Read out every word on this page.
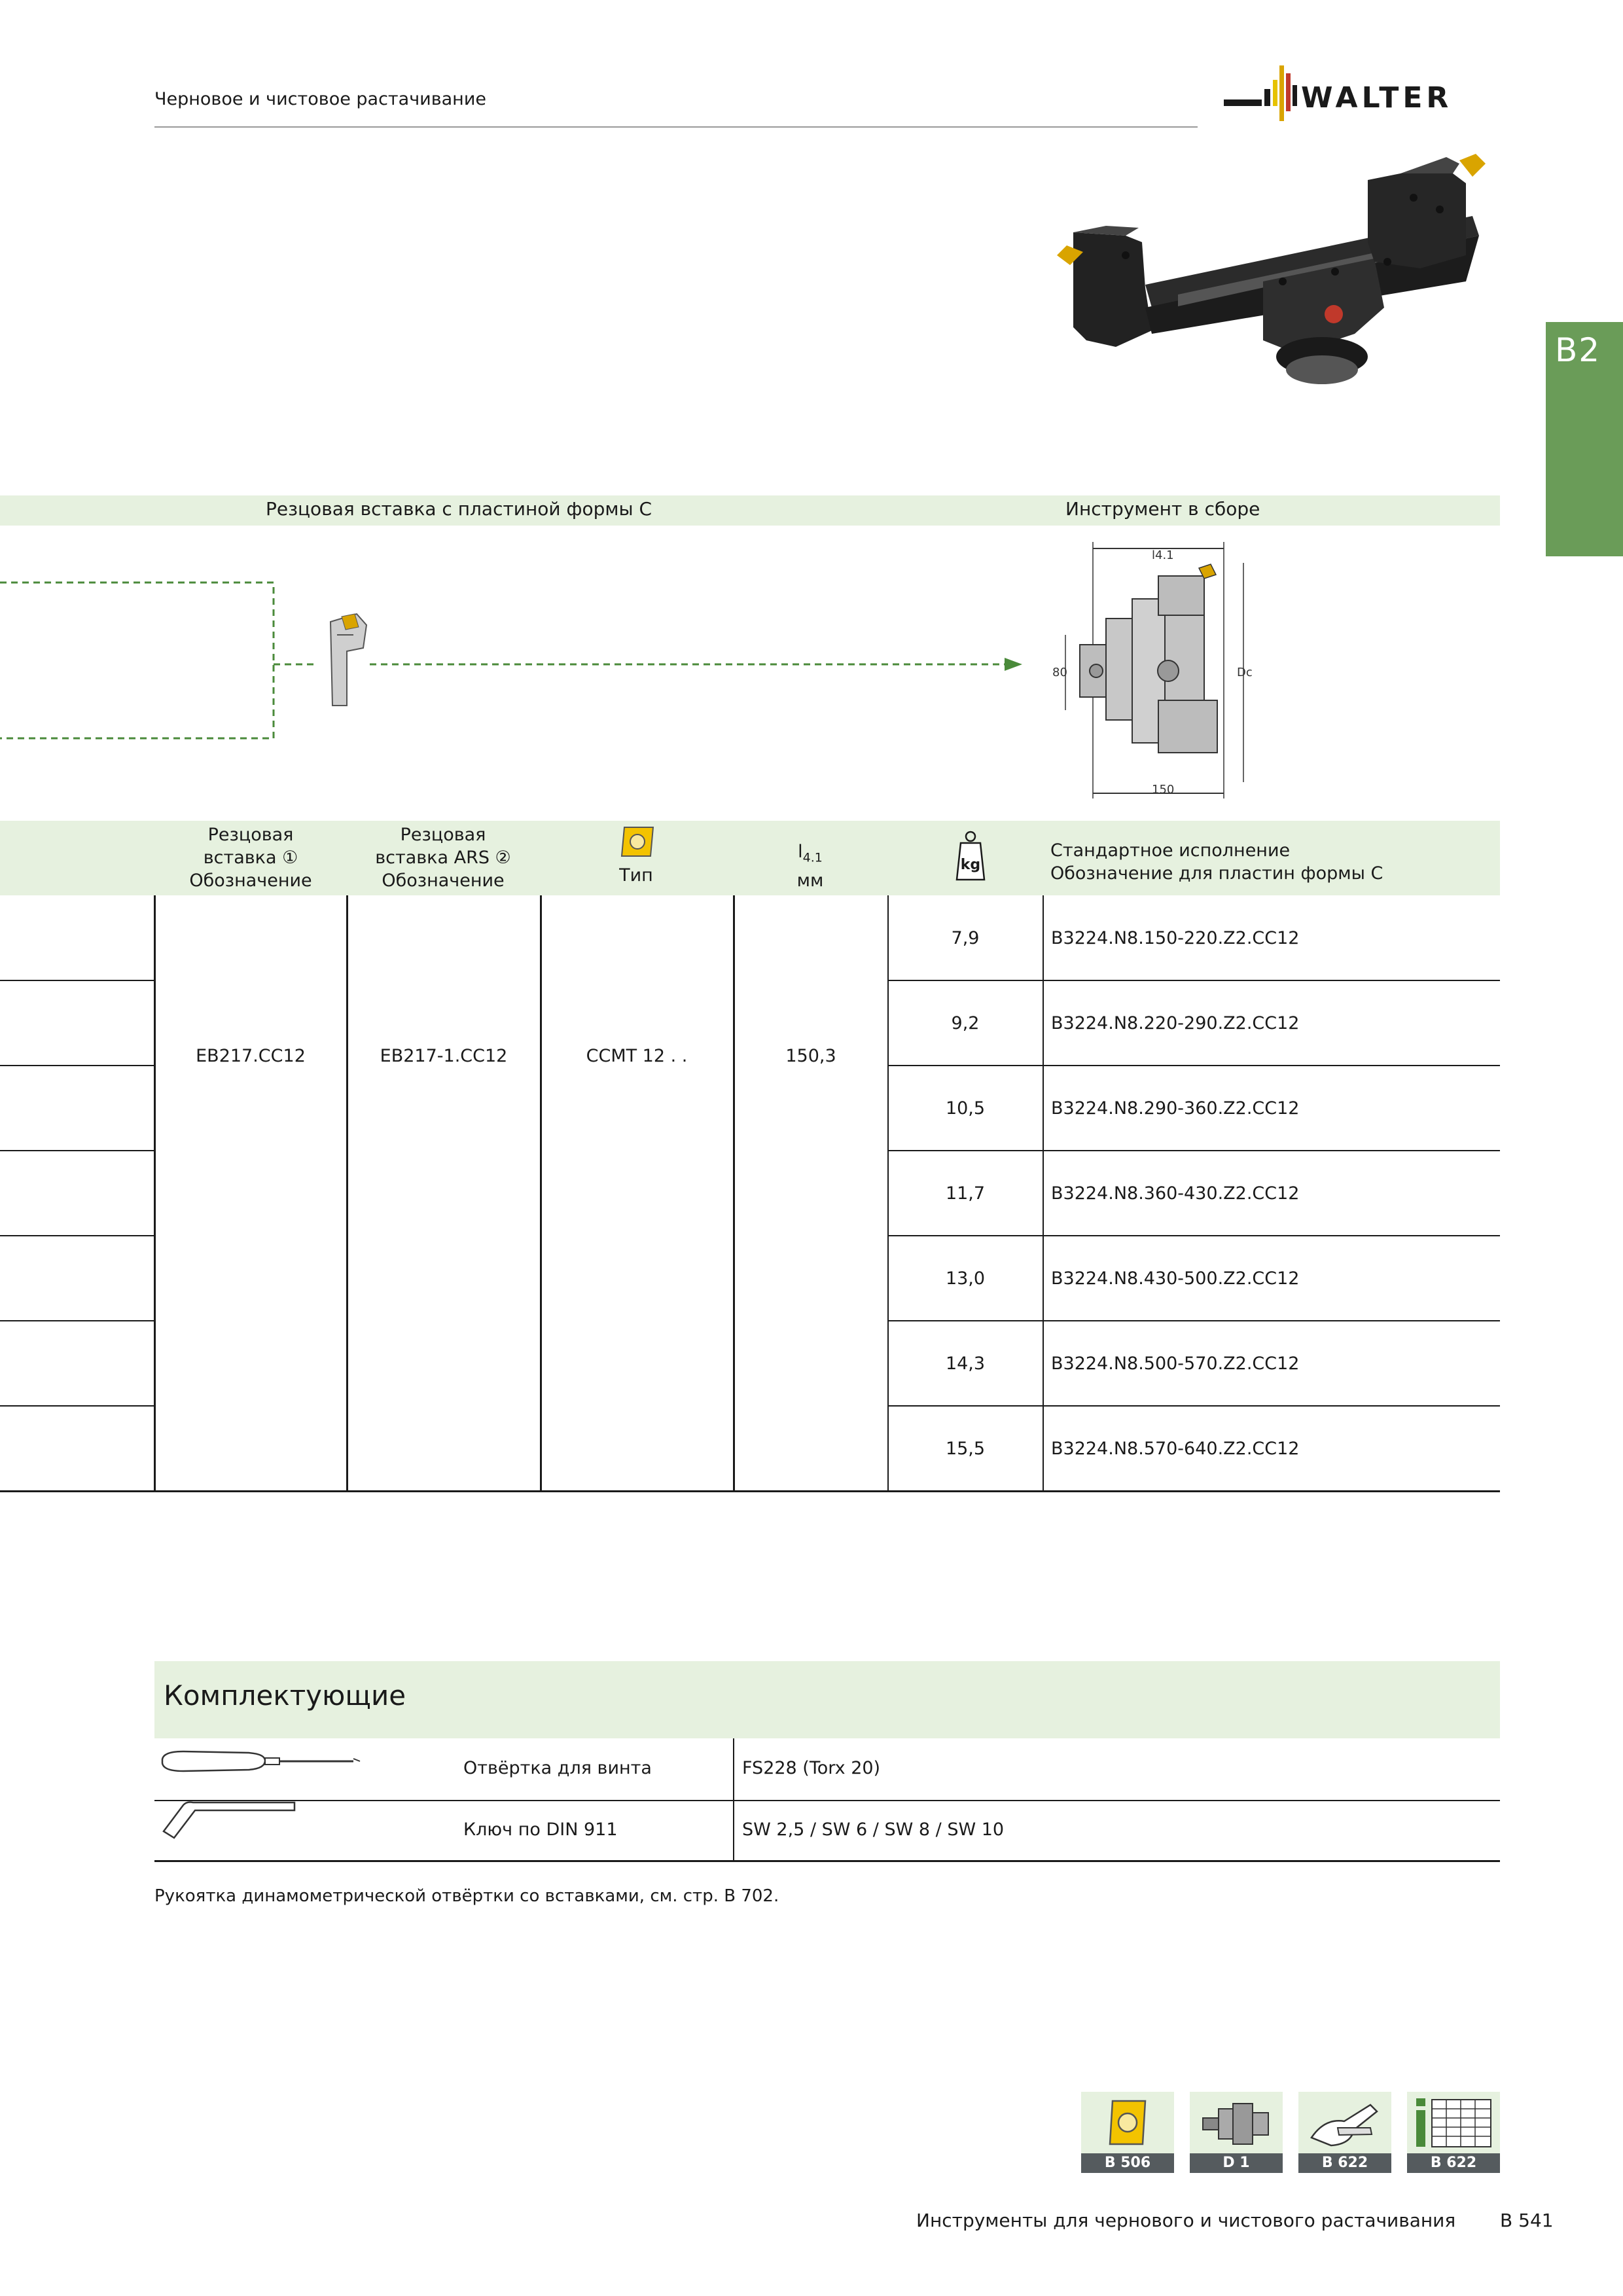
Черновое и чистовое растачивание	WALTER
B2
Резцовая вставка с пластиной формы C	Инструмент в сборе
l4.1
80	Dc
150
Резцовая
вставка ①
Обозначение
Резцовая
вставка ARS ②
Обозначение	Тип
$l_{4.1}$
мм
kg
Стандартное исполнение
Обозначение для пластин формы C
EB217.CC12	EB217-1.CC12	CCMT 12 . .	150,3
7,9	B3224.N8.150-220.Z2.CC12
9,2	B3224.N8.220-290.Z2.CC12
10,5	B3224.N8.290-360.Z2.CC12
11,7	B3224.N8.360-430.Z2.CC12
13,0	B3224.N8.430-500.Z2.CC12
14,3	B3224.N8.500-570.Z2.CC12
15,5	B3224.N8.570-640.Z2.CC12
Комплектующие
Отвёртка для винта	FS228 (Torx 20)
Ключ по DIN 911	SW 2,5 / SW 6 / SW 8 / SW 10
Рукоятка динамометрической отвёртки со вставками, см. стр. B 702.
B 506	D 1	B 622	B 622
Инструменты для чернового и чистового растачивания B 541
